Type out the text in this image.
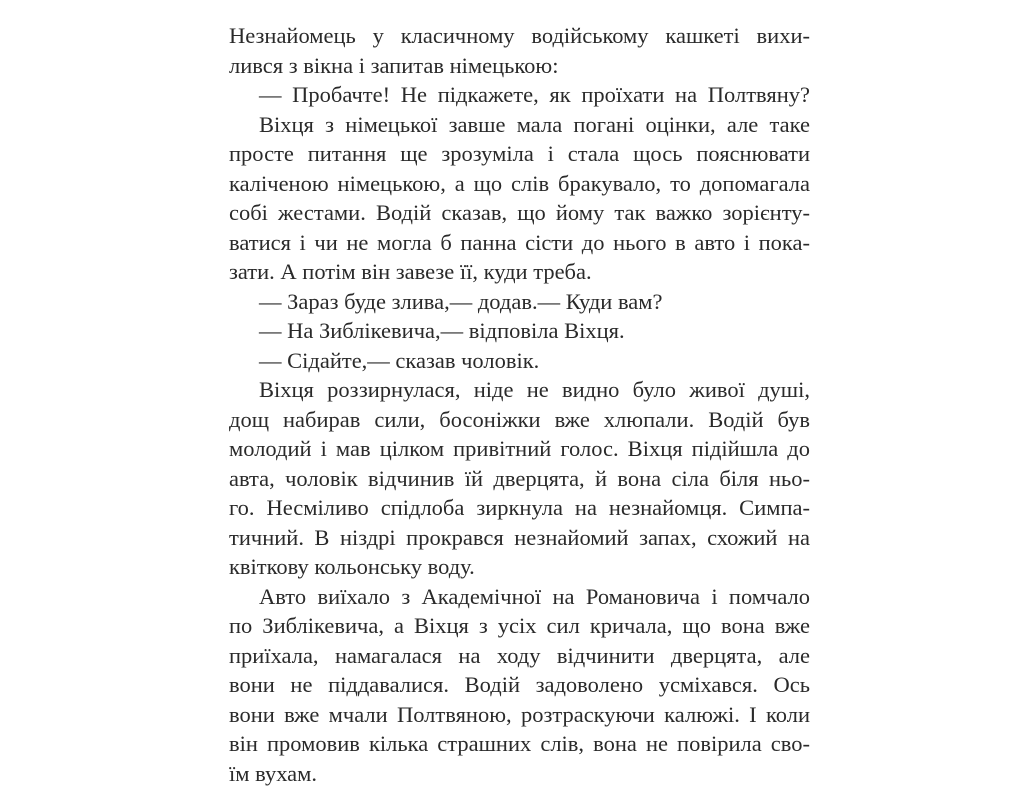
Незнайомець у класичному водійському кашкеті вихи-
лився з вікна і запитав німецькою:
— Пробачте! Не підкажете, як проїхати на Полтвяну?
Віхця з німецької завше мала погані оцінки, але таке
просте питання ще зрозуміла і стала щось пояснювати
каліченою німецькою, а що слів бракувало, то допомагала
собі жестами. Водій сказав, що йому так важко зорієнту-
ватися і чи не могла б панна сісти до нього в авто і пока-
зати. А потім він завезе її, куди треба.
— Зараз буде злива,— додав.— Куди вам?
— На Зиблікевича,— відповіла Віхця.
— Сідайте,— сказав чоловік.
Віхця роззирнулася, ніде не видно було живої душі,
дощ набирав сили, босоніжки вже хлюпали. Водій був
молодий і мав цілком привітний голос. Віхця підійшла до
авта, чоловік відчинив їй дверцята, й вона сіла біля ньо-
го. Несміливо спідлоба зиркнула на незнайомця. Симпа-
тичний. В ніздрі прокрався незнайомий запах, схожий на
квіткову кольонську воду.
Авто виїхало з Академічної на Романовича і помчало
по Зиблікевича, а Віхця з усіх сил кричала, що вона вже
приїхала, намагалася на ходу відчинити дверцята, але
вони не піддавалися. Водій задоволено усміхався. Ось
вони вже мчали Полтвяною, розтраскуючи калюжі. І коли
він промовив кілька страшних слів, вона не повірила сво-
їм вухам.
